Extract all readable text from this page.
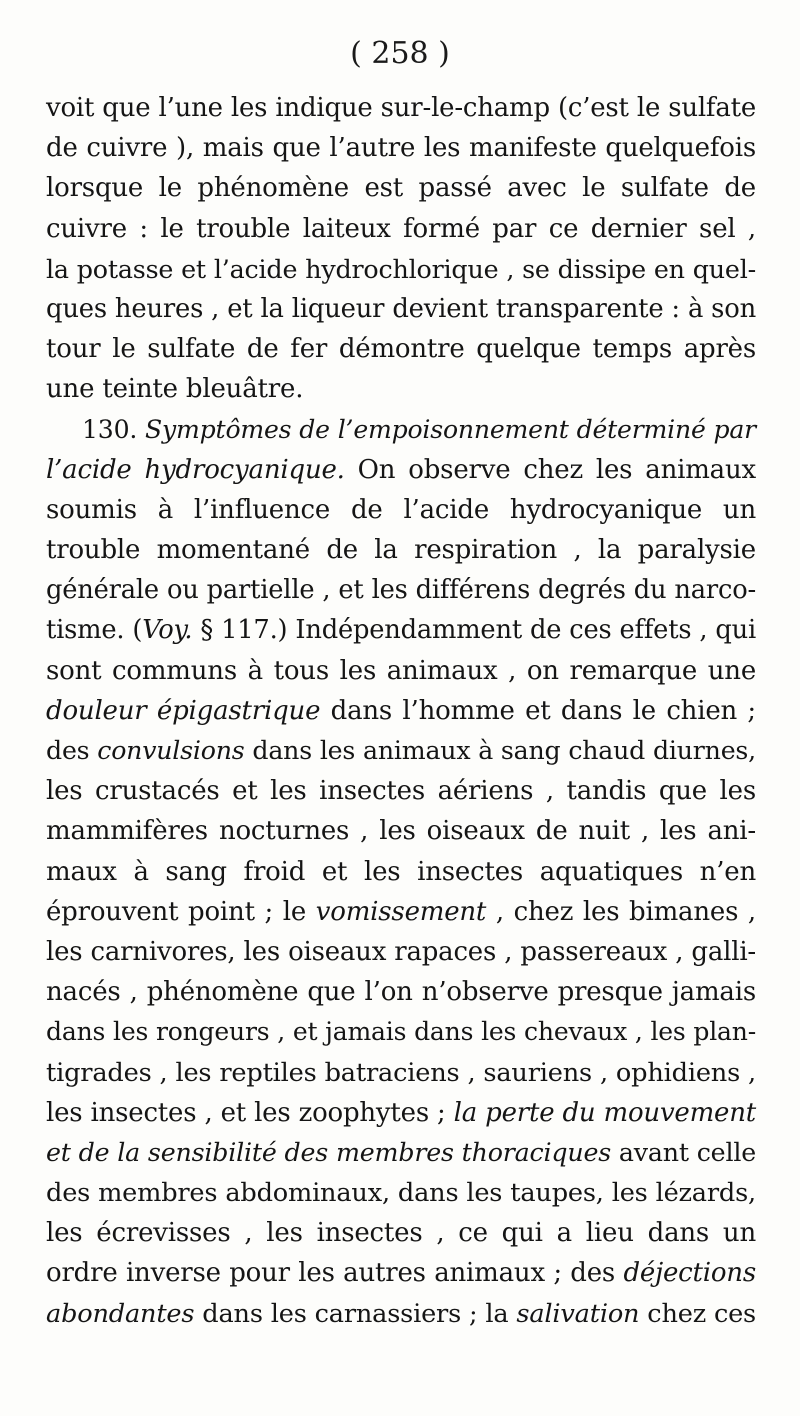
( 258 )
voit que l’une les indique sur-le-champ (c’est le sulfate
de cuivre ), mais que l’autre les manifeste quelquefois
lorsque le phénomène est passé avec le sulfate de
cuivre : le trouble laiteux formé par ce dernier sel ,
la potasse et l’acide hydrochlorique , se dissipe en quel-
ques heures , et la liqueur devient transparente : à son
tour le sulfate de fer démontre quelque temps après
une teinte bleuâtre.
130. Symptômes de l’empoisonnement déterminé par
l’acide hydrocyanique. On observe chez les animaux
soumis à l’influence de l’acide hydrocyanique un
trouble momentané de la respiration , la paralysie
générale ou partielle , et les différens degrés du narco-
tisme. (Voy. § 117.) Indépendamment de ces effets , qui
sont communs à tous les animaux , on remarque une
douleur épigastrique dans l’homme et dans le chien ;
des convulsions dans les animaux à sang chaud diurnes,
les crustacés et les insectes aériens , tandis que les
mammifères nocturnes , les oiseaux de nuit , les ani-
maux à sang froid et les insectes aquatiques n’en
éprouvent point ; le vomissement , chez les bimanes ,
les carnivores, les oiseaux rapaces , passereaux , galli-
nacés , phénomène que l’on n’observe presque jamais
dans les rongeurs , et jamais dans les chevaux , les plan-
tigrades , les reptiles batraciens , sauriens , ophidiens ,
les insectes , et les zoophytes ; la perte du mouvement
et de la sensibilité des membres thoraciques avant celle
des membres abdominaux, dans les taupes, les lézards,
les écrevisses , les insectes , ce qui a lieu dans un
ordre inverse pour les autres animaux ; des déjections
abondantes dans les carnassiers ; la salivation chez ces
